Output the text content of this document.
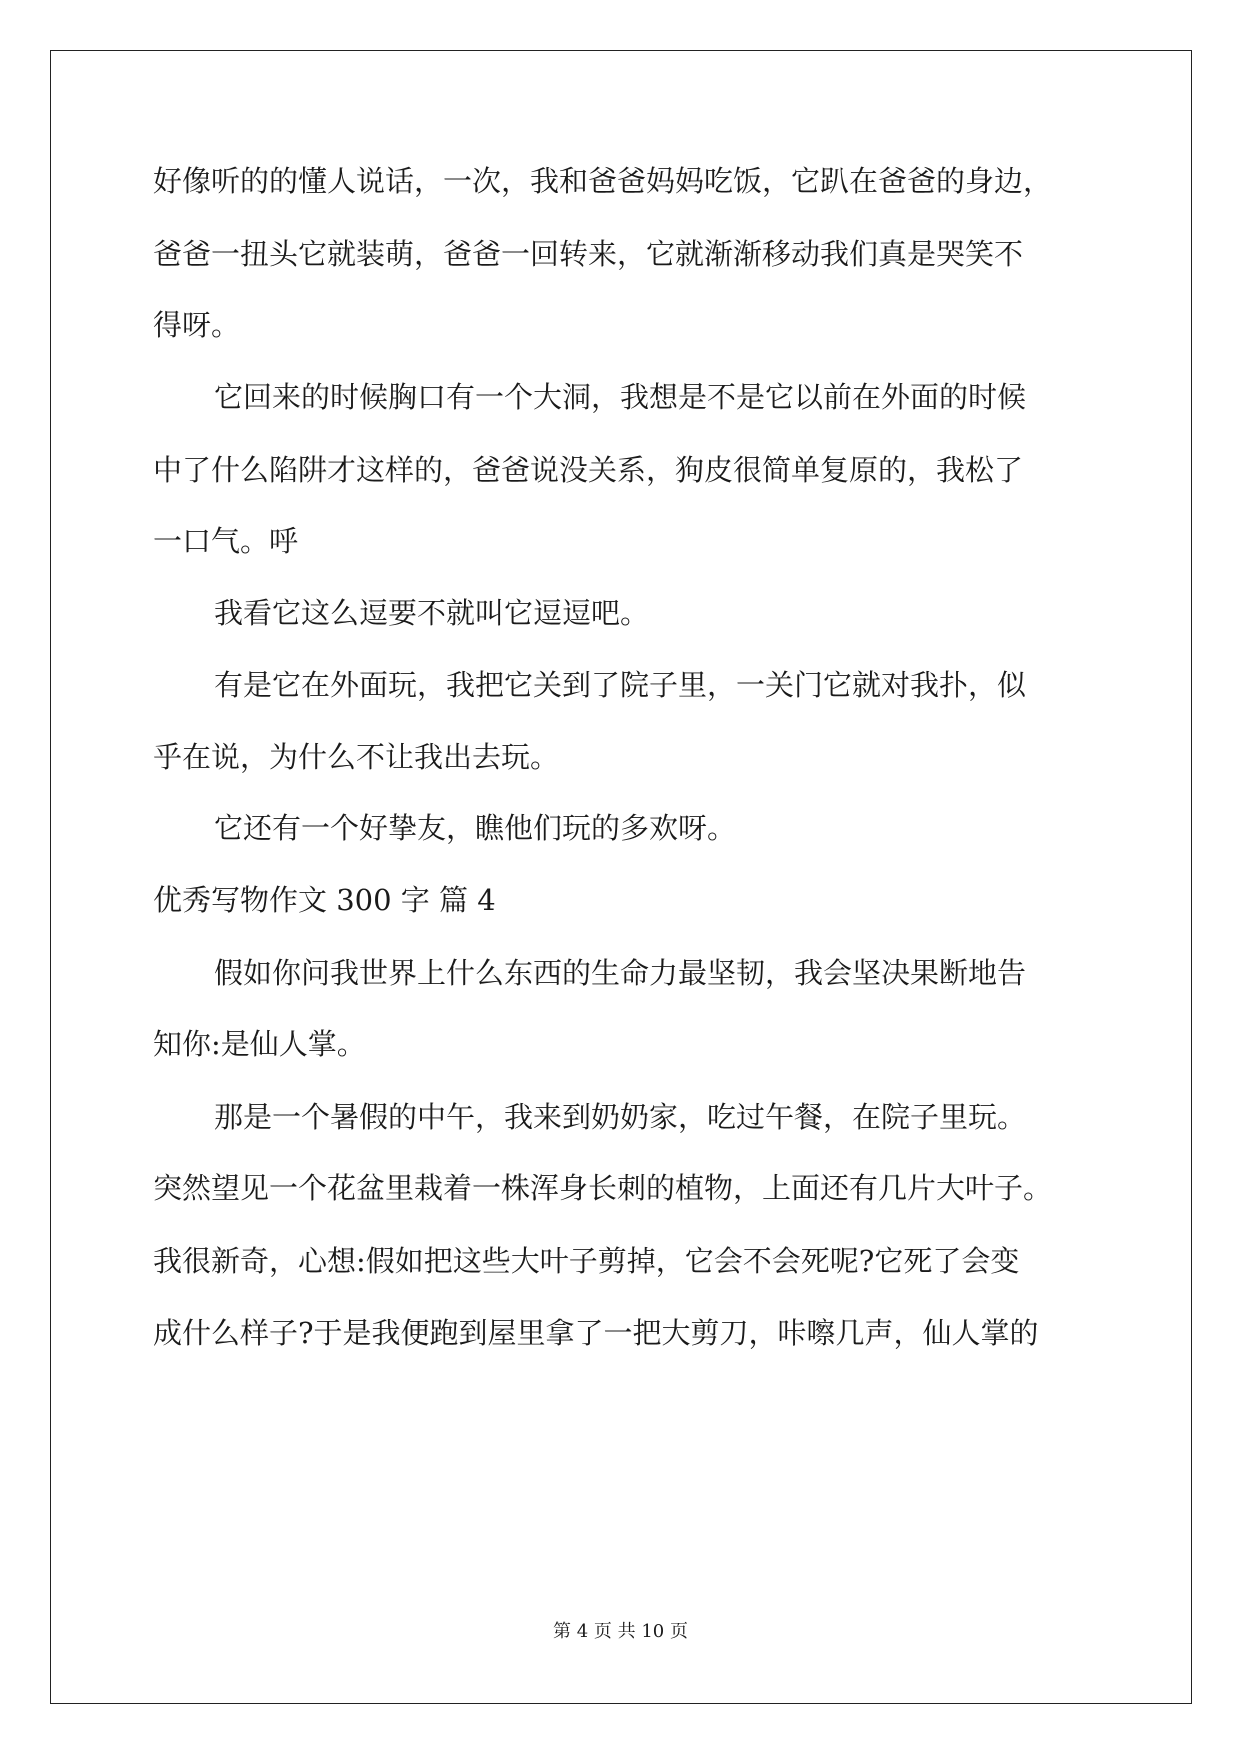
好像听的的懂人说话，一次，我和爸爸妈妈吃饭，它趴在爸爸的身边，
爸爸一扭头它就装萌，爸爸一回转来，它就渐渐移动我们真是哭笑不
得呀。
它回来的时候胸口有一个大洞，我想是不是它以前在外面的时候
中了什么陷阱才这样的，爸爸说没关系，狗皮很简单复原的，我松了
一口气。呼
我看它这么逗要不就叫它逗逗吧。
有是它在外面玩，我把它关到了院子里，一关门它就对我扑，似
乎在说，为什么不让我出去玩。
它还有一个好挚友，瞧他们玩的多欢呀。
优秀写物作文 300 字 篇 4
假如你问我世界上什么东西的生命力最坚韧，我会坚决果断地告
知你:是仙人掌。
那是一个暑假的中午，我来到奶奶家，吃过午餐，在院子里玩。
突然望见一个花盆里栽着一株浑身长刺的植物，上面还有几片大叶子。
我很新奇，心想:假如把这些大叶子剪掉，它会不会死呢?它死了会变
成什么样子?于是我便跑到屋里拿了一把大剪刀，咔嚓几声，仙人掌的
第 4 页 共 10 页
